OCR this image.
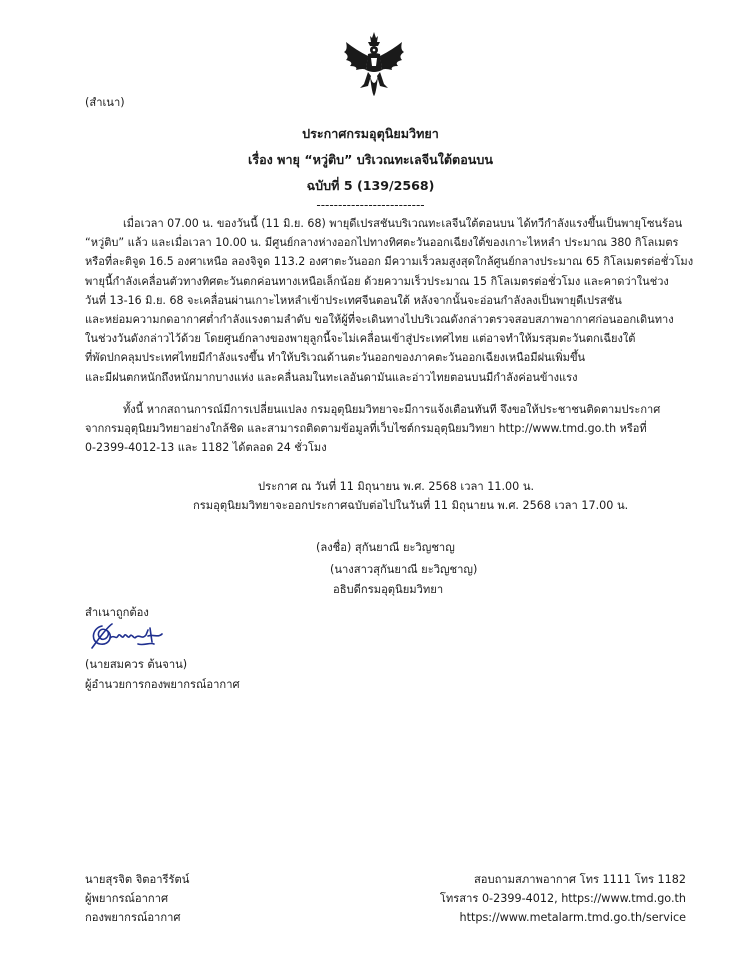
(สำเนา)
ประกาศกรมอุตุนิยมวิทยา
เรื่อง พายุ “หวู่ติบ” บริเวณทะเลจีนใต้ตอนบน
ฉบับที่ 5 (139/2568)
-------------------------
เมื่อเวลา 07.00 น. ของวันนี้ (11 มิ.ย. 68) พายุดีเปรสชันบริเวณทะเลจีนใต้ตอนบน ได้ทวีกำลังแรงขึ้นเป็นพายุโซนร้อน
“หวู่ติบ” แล้ว และเมื่อเวลา 10.00 น. มีศูนย์กลางห่างออกไปทางทิศตะวันออกเฉียงใต้ของเกาะไหหลำ ประมาณ 380 กิโลเมตร
หรือที่ละติจูด 16.5 องศาเหนือ ลองจิจูด 113.2 องศาตะวันออก มีความเร็วลมสูงสุดใกล้ศูนย์กลางประมาณ 65 กิโลเมตรต่อชั่วโมง
พายุนี้กำลังเคลื่อนตัวทางทิศตะวันตกค่อนทางเหนือเล็กน้อย ด้วยความเร็วประมาณ 15 กิโลเมตรต่อชั่วโมง และคาดว่าในช่วง
วันที่ 13-16 มิ.ย. 68 จะเคลื่อนผ่านเกาะไหหลำเข้าประเทศจีนตอนใต้ หลังจากนั้นจะอ่อนกำลังลงเป็นพายุดีเปรสชัน
และหย่อมความกดอากาศต่ำกำลังแรงตามลำดับ ขอให้ผู้ที่จะเดินทางไปบริเวณดังกล่าวตรวจสอบสภาพอากาศก่อนออกเดินทาง
ในช่วงวันดังกล่าวไว้ด้วย โดยศูนย์กลางของพายุลูกนี้จะไม่เคลื่อนเข้าสู่ประเทศไทย แต่อาจทำให้มรสุมตะวันตกเฉียงใต้
ที่พัดปกคลุมประเทศไทยมีกำลังแรงขึ้น ทำให้บริเวณด้านตะวันออกของภาคตะวันออกเฉียงเหนือมีฝนเพิ่มขึ้น
และมีฝนตกหนักถึงหนักมากบางแห่ง และคลื่นลมในทะเลอันดามันและอ่าวไทยตอนบนมีกำลังค่อนข้างแรง
ทั้งนี้ หากสถานการณ์มีการเปลี่ยนแปลง กรมอุตุนิยมวิทยาจะมีการแจ้งเตือนทันที จึงขอให้ประชาชนติดตามประกาศ
จากกรมอุตุนิยมวิทยาอย่างใกล้ชิด และสามารถติดตามข้อมูลที่เว็บไซต์กรมอุตุนิยมวิทยา http://www.tmd.go.th หรือที่
0-2399-4012-13 และ 1182 ได้ตลอด 24 ชั่วโมง
ประกาศ ณ วันที่ 11 มิถุนายน พ.ศ. 2568 เวลา 11.00 น.
กรมอุตุนิยมวิทยาจะออกประกาศฉบับต่อไปในวันที่ 11 มิถุนายน พ.ศ. 2568 เวลา 17.00 น.
(ลงชื่อ) สุกันยาณี ยะวิญชาญ
(นางสาวสุกันยาณี ยะวิญชาญ)
อธิบดีกรมอุตุนิยมวิทยา
สำเนาถูกต้อง
(นายสมควร ต้นจาน)
ผู้อำนวยการกองพยากรณ์อากาศ
นายสุรจิต จิตอารีรัตน์
ผู้พยากรณ์อากาศ
กองพยากรณ์อากาศ
สอบถามสภาพอากาศ โทร 1111 โทร 1182
โทรสาร 0-2399-4012, https://www.tmd.go.th
https://www.metalarm.tmd.go.th/service
